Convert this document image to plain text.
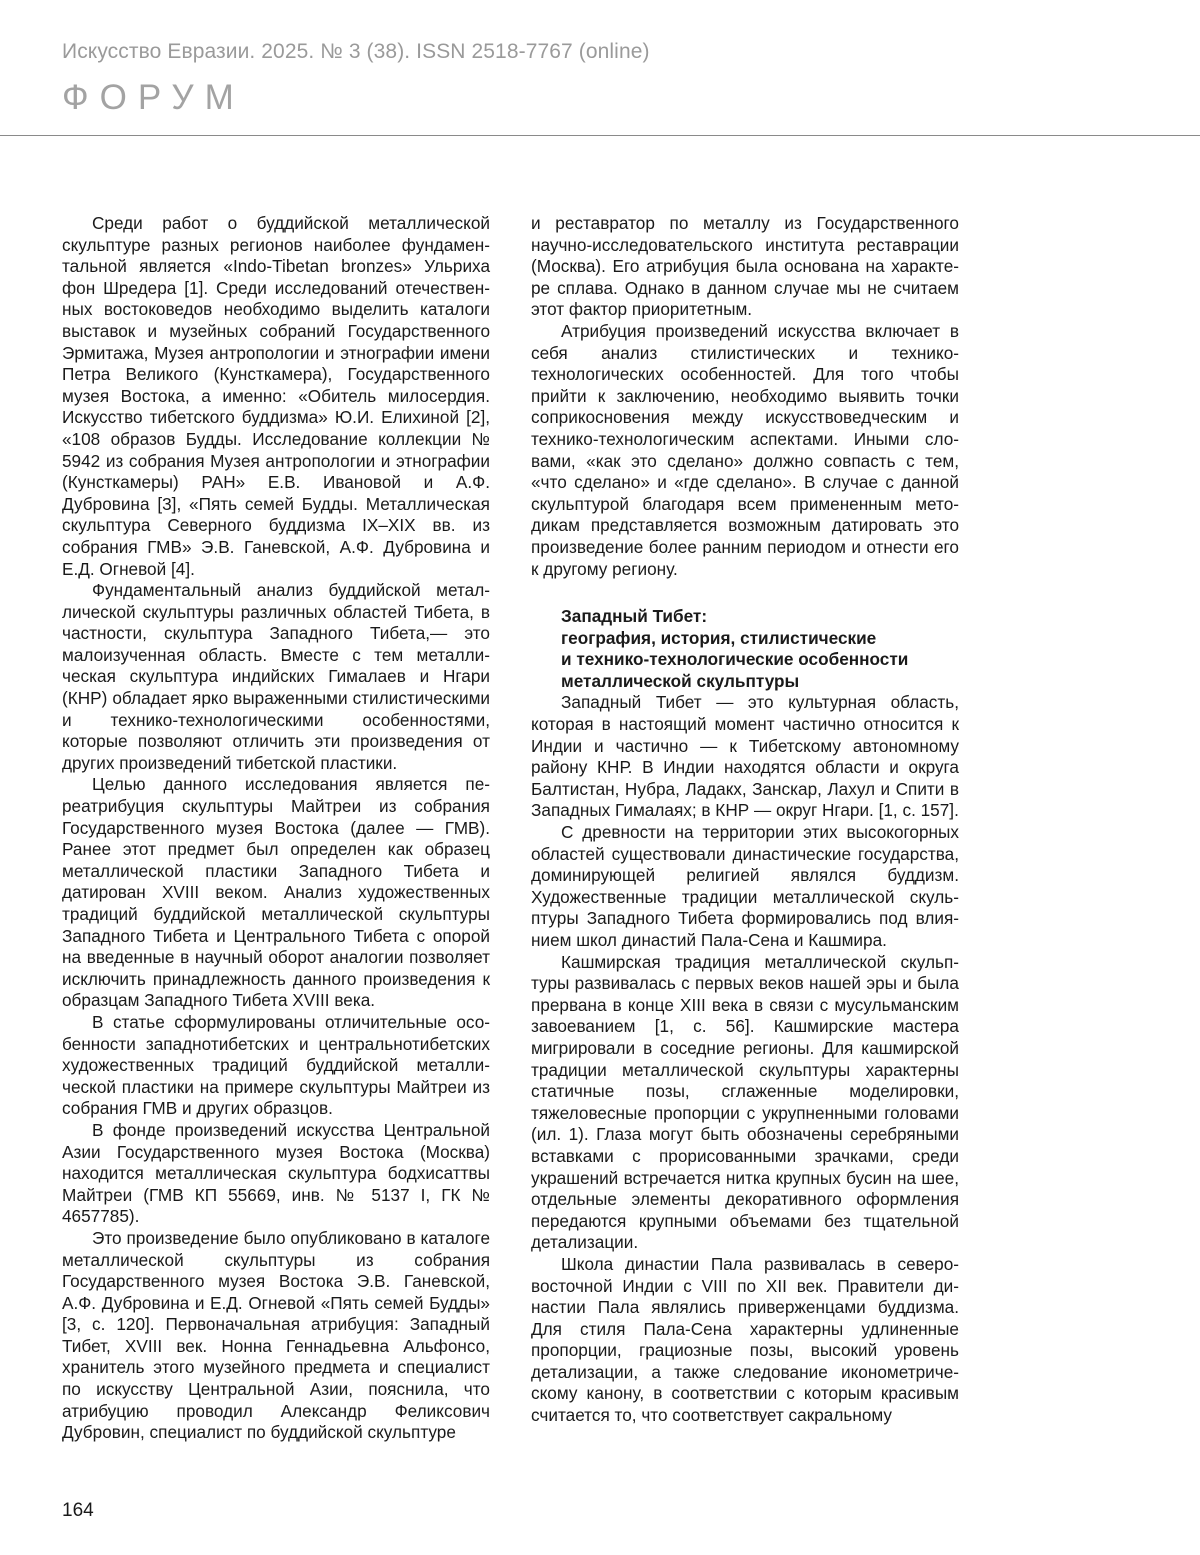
Искусство Евразии. 2025. № 3 (38). ISSN 2518-7767 (online)
ФОРУМ

Среди работ о буддийской металлической скульптуре разных регионов наиболее фундаментальной является «Indo-Tibetan bronzes» Ульриха фон Шредера [1]. Среди исследований отечественных востоковедов необходимо выделить каталоги выставок и музейных собраний Государственного Эрмитажа, Музея антропологии и этнографии имени Петра Великого (Кунсткамера), Государственного музея Востока, а именно: «Обитель милосердия. Искусство тибетского буддизма» Ю.И. Елихиной [2], «108 образов Будды. Исследование коллекции № 5942 из собрания Музея антропологии и этнографии (Кунсткамеры) РАН» Е.В. Ивановой и А.Ф. Дубровина [3], «Пять семей Будды. Металлическая скульптура Северного буддизма IX–XIX вв. из собрания ГМВ» Э.В. Ганевской, А.Ф. Дубровина и Е.Д. Огневой [4].

Фундаментальный анализ буддийской металлической скульптуры различных областей Тибета, в частности, скульптура Западного Тибета,— это малоизученная область. Вместе с тем металлическая скульптура индийских Гималаев и Нгари (КНР) обладает ярко выраженными стилистическими и технико-технологическими особенностями, которые позволяют отличить эти произведения от других произведений тибетской пластики.

Целью данного исследования является переатрибуция скульптуры Майтреи из собрания Государственного музея Востока (далее — ГМВ). Ранее этот предмет был определен как образец металлической пластики Западного Тибета и датирован XVIII веком. Анализ художественных традиций буддийской металлической скульптуры Западного Тибета и Центрального Тибета с опорой на введенные в научный оборот аналогии позволяет исключить принадлежность данного произведения к образцам Западного Тибета XVIII века.

В статье сформулированы отличительные особенности западнотибетских и центральнотибетских художественных традиций буддийской металлической пластики на примере скульптуры Майтреи из собрания ГМВ и других образцов.

В фонде произведений искусства Центральной Азии Государственного музея Востока (Москва) находится металлическая скульптура бодхисаттвы Майтреи (ГМВ КП 55669, инв. № 5137 I, ГК № 4657785).

Это произведение было опубликовано в каталоге металлической скульптуры из собрания Государственного музея Востока Э.В. Ганевской, А.Ф. Дубровина и Е.Д. Огневой «Пять семей Будды» [3, с. 120]. Первоначальная атрибуция: Западный Тибет, XVIII век. Нонна Геннадьевна Альфонсо, хранитель этого музейного предмета и специалист по искусству Центральной Азии, пояснила, что атрибуцию проводил Александр Феликсович Дубровин, специалист по буддийской скульптуре

и реставратор по металлу из Государственного научно-исследовательского института реставрации (Москва). Его атрибуция была основана на характере сплава. Однако в данном случае мы не считаем этот фактор приоритетным.

Атрибуция произведений искусства включает в себя анализ стилистических и технико-технологических особенностей. Для того чтобы прийти к заключению, необходимо выявить точки соприкосновения между искусствоведческим и технико-технологическим аспектами. Иными словами, «как это сделано» должно совпасть с тем, «что сделано» и «где сделано». В случае с данной скульптурой благодаря всем примененным методикам представляется возможным датировать это произведение более ранним периодом и отнести его к другому региону.

Западный Тибет:
география, история, стилистические
и технико-технологические особенности
металлической скульптуры

Западный Тибет — это культурная область, которая в настоящий момент частично относится к Индии и частично — к Тибетскому автономному району КНР. В Индии находятся области и округа Балтистан, Нубра, Ладакх, Занскар, Лахул и Спити в Западных Гималаях; в КНР — округ Нгари. [1, с. 157].

С древности на территории этих высокогорных областей существовали династические государства, доминирующей религией являлся буддизм. Художественные традиции металлической скульптуры Западного Тибета формировались под влиянием школ династий Пала-Сена и Кашмира.

Кашмирская традиция металлической скульптуры развивалась с первых веков нашей эры и была прервана в конце XIII века в связи с мусульманским завоеванием [1, с. 56]. Кашмирские мастера мигрировали в соседние регионы. Для кашмирской традиции металлической скульптуры характерны статичные позы, сглаженные моделировки, тяжеловесные пропорции с укрупненными головами (ил. 1). Глаза могут быть обозначены серебряными вставками с прорисованными зрачками, среди украшений встречается нитка крупных бусин на шее, отдельные элементы декоративного оформления передаются крупными объемами без тщательной детализации.

Школа династии Пала развивалась в северовосточной Индии с VIII по XII век. Правители династии Пала являлись приверженцами буддизма. Для стиля Пала-Сена характерны удлиненные пропорции, грациозные позы, высокий уровень детализации, а также следование иконометрическому канону, в соответствии с которым красивым считается то, что соответствует сакральному

164
